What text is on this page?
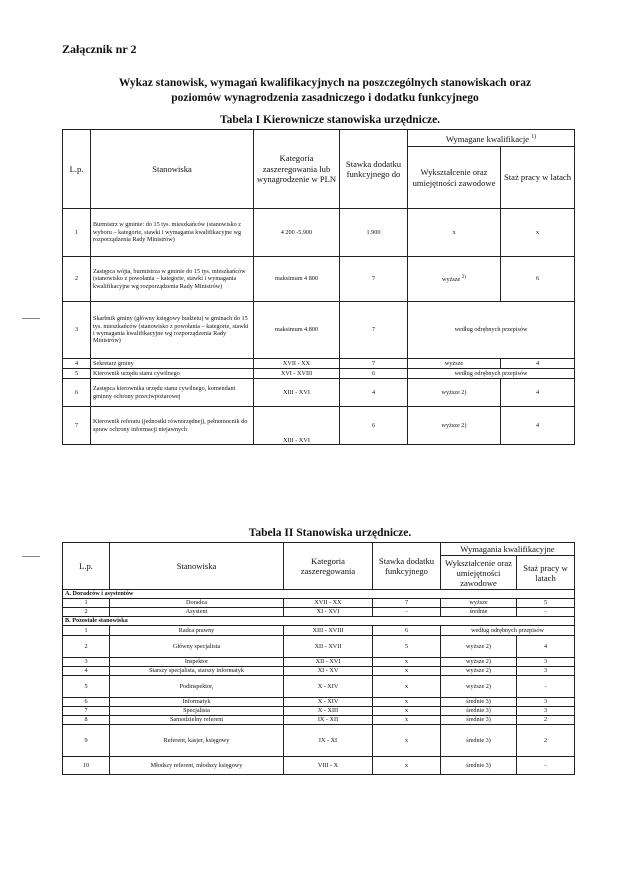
Załącznik nr 2
Wykaz stanowisk, wymagań kwalifikacyjnych na poszczególnych stanowiskach oraz
poziomów wynagrodzenia zasadniczego i dodatku funkcyjnego
Tabela I Kierownicze stanowiska urzędnicze.
L.p.	Stanowiska	Kategoria zaszeregowania lub wynagrodzenie w PLN	Stawka dodatku funkcyjnego do	Wymagane kwalifikacje $^{1)}$
				Wykształcenie oraz umiejętności zawodowe	Staż pracy w latach
1	Burmistrz w gminie: do 15 tys. mieszkańców (stanowisko z wyboru – kategorie, stawki i wymagania kwalifikacyjne wg rozporządzenia Rady Ministrów)	4 200 -5.900	1.900	x	x
2	Zastępca wójta, burmistrza w gminie do 15 tys. mieszkańców (stanowisko z powołania – kategorie, stawki i wymagania kwalifikacyjne wg rozporządzenia Rady Ministrów)	maksimum 4 800	7	wyższe $^{2)}$	6
3	Skarbnik gminy (główny księgowy budżetu) w gminach do 15 tys. mieszkańców (stanowisko z powołania – kategorie, stawki i wymagania kwalifikacyjne wg rozporządzenia Rady Ministrów)	maksimum 4.800	7	według odrębnych przepisów	
4	Sekretarz gminy	XVII - XX	7	wyższe	4
5	Kierownik urzędu stanu cywilnego	XVI - XVIII	6	według odrębnych przepisów	
6	Zastępca kierownika urzędu stanu cywilnego, komendant gminny ochrony przeciwpożarowej	XIII - XVI	4	wyższe 2)	4
7	Kierownik referatu (jednostki równorzędnej), pełnomocnik do spraw ochrony informacji niejawnych	XIII - XVI	6	wyższe 2)	4
Tabela II Stanowiska urzędnicze.
L.p.	Stanowiska	Kategoria zaszeregowania	Stawka dodatku funkcyjnego	Wymagania kwalifikacyjne	
				Wykształcenie oraz umiejętności zawodowe	Staż pracy w latach
A. Doradców i asystentów					
1	Doradca	XVII - XX	7	wyższe	5
2	Asystent	XI - XVI	-	średnie	-
B. Pozostałe stanowiska					
1	Radca prawny	XIII - XVIII	6	według odrębnych przepisów	
2	Główny specjalista	XII - XVII	5	wyższe 2)	4
3	Inspektor	XII - XVI	x	wyższe 2)	3
4	Starszy specjalista, starszy informatyk	XI - XV	x	wyższe 2)	3
5	Podinspektor,	X - XIV	x	wyższe 2)	-
6	Informatyk	X - XIV	x	średnie 3)	3
7	Specjalista	X - XIII	x	średnie 3)	3
8	Samodzielny referent	IX - XII	x	średnie 3)	2
9	Referent, kasjer, księgowy	IX - XI	x	średnie 3)	2
10	Młodszy referent, młodszy księgowy	VIII - X	x	średnie 3)	-
